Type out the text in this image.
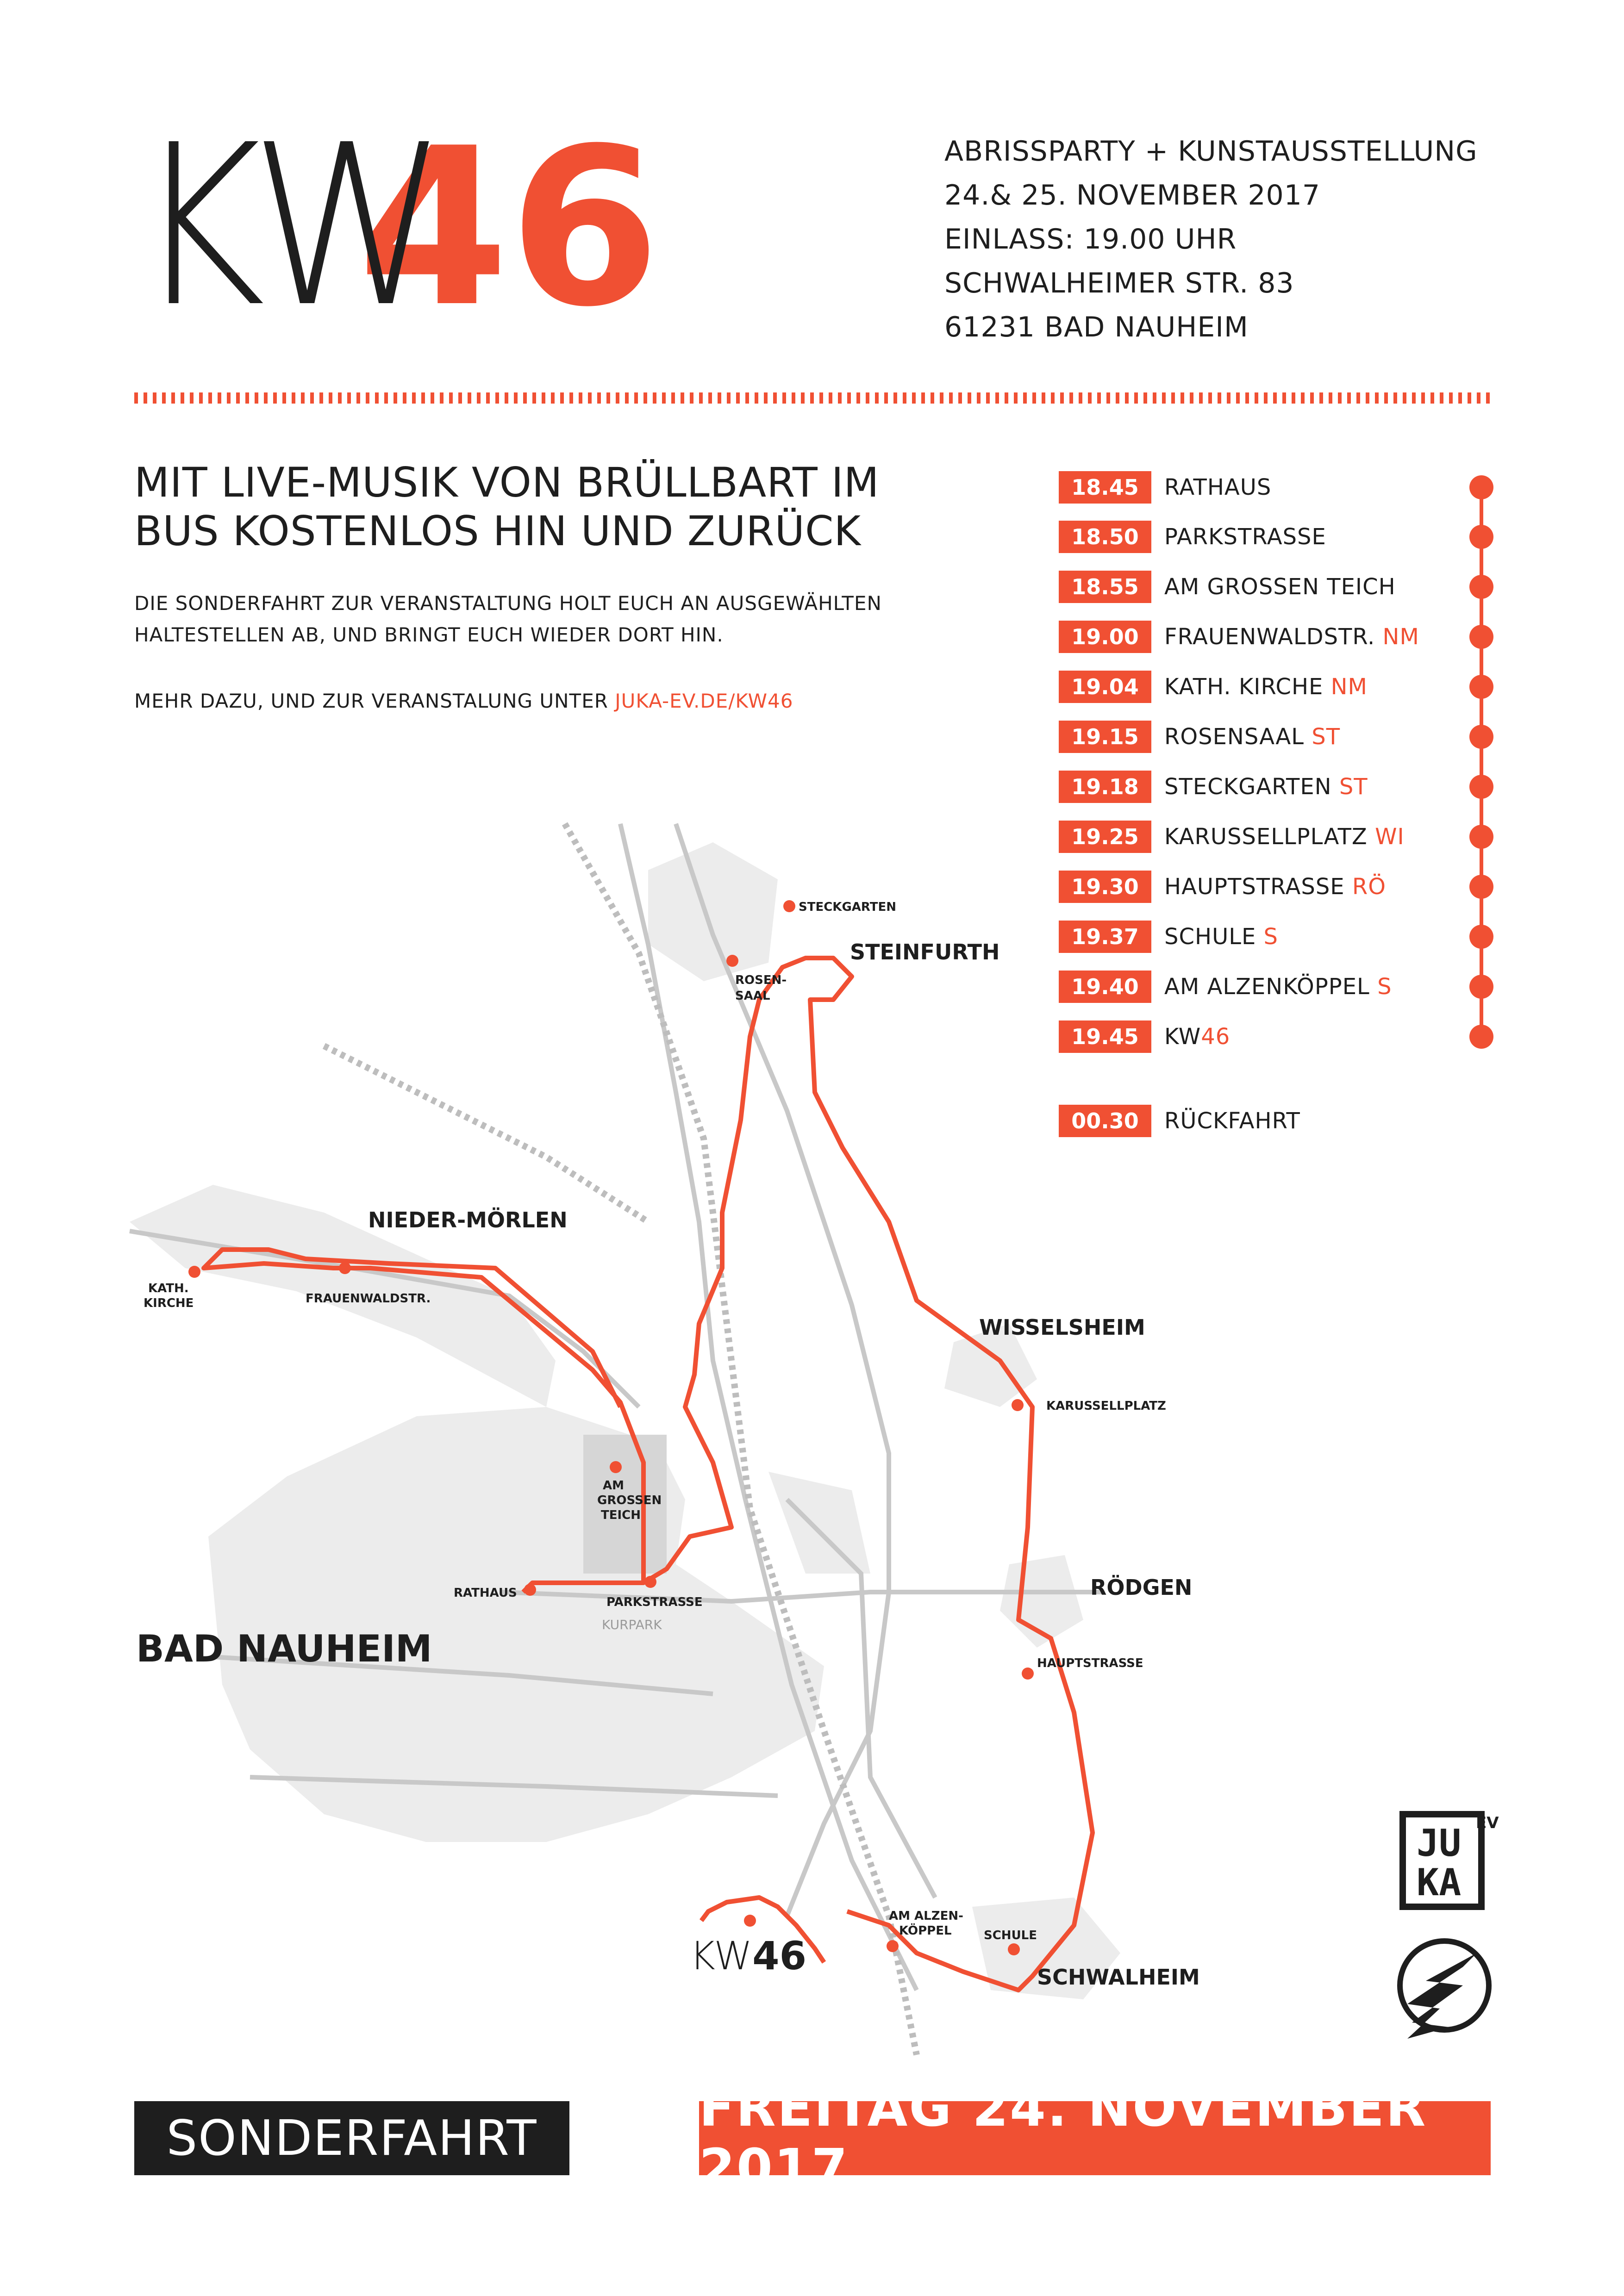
KW46	ABRISSPARTY + KUNSTAUSSTELLUNG
24.& 25. NOVEMBER 2017
EINLASS: 19.00 UHR
SCHWALHEIMER STR. 83
61231 BAD NAUHEIM
MIT LIVE-MUSIK VON BRÜLLBART IM
BUS KOSTENLOS HIN UND ZURÜCK
DIE SONDERFAHRT ZUR VERANSTALTUNG HOLT EUCH AN AUSGEWÄHLTEN
HALTESTELLEN AB, UND BRINGT EUCH WIEDER DORT HIN.
MEHR DAZU, UND ZUR VERANSTALUNG UNTER JUKA-EV.DE/KW46
18.45	RATHAUS
18.50	PARKSTRASSE
18.55	AM GROSSEN TEICH
19.00	FRAUENWALDSTR. NM
19.04	KATH. KIRCHE NM
19.15	ROSENSAAL ST
19.18	STECKGARTEN ST
19.25	KARUSSELLPLATZ WI
19.30	HAUPTSTRASSE RÖ
19.37	SCHULE S
19.40	AM ALZENKÖPPEL S
19.45	KW46
00.30	RÜCKFAHRT
STEINFURTH
NIEDER-MÖRLEN
WISSELSHEIM
RÖDGEN
SCHWALHEIM
BAD NAUHEIM
KURPARK
STECKGARTEN
ROSEN-
SAAL
KATH.
KIRCHE	FRAUENWALDSTR.
AM
GROSSEN
TEICH
RATHAUS
PARKSTRASSE
KARUSSELLPLATZ
HAUPTSTRASSE
AM ALZEN-
KÖPPEL	SCHULE
KW46
EV
JU
KA
SONDERFAHRT	FREITAG 24. NOVEMBER 2017
